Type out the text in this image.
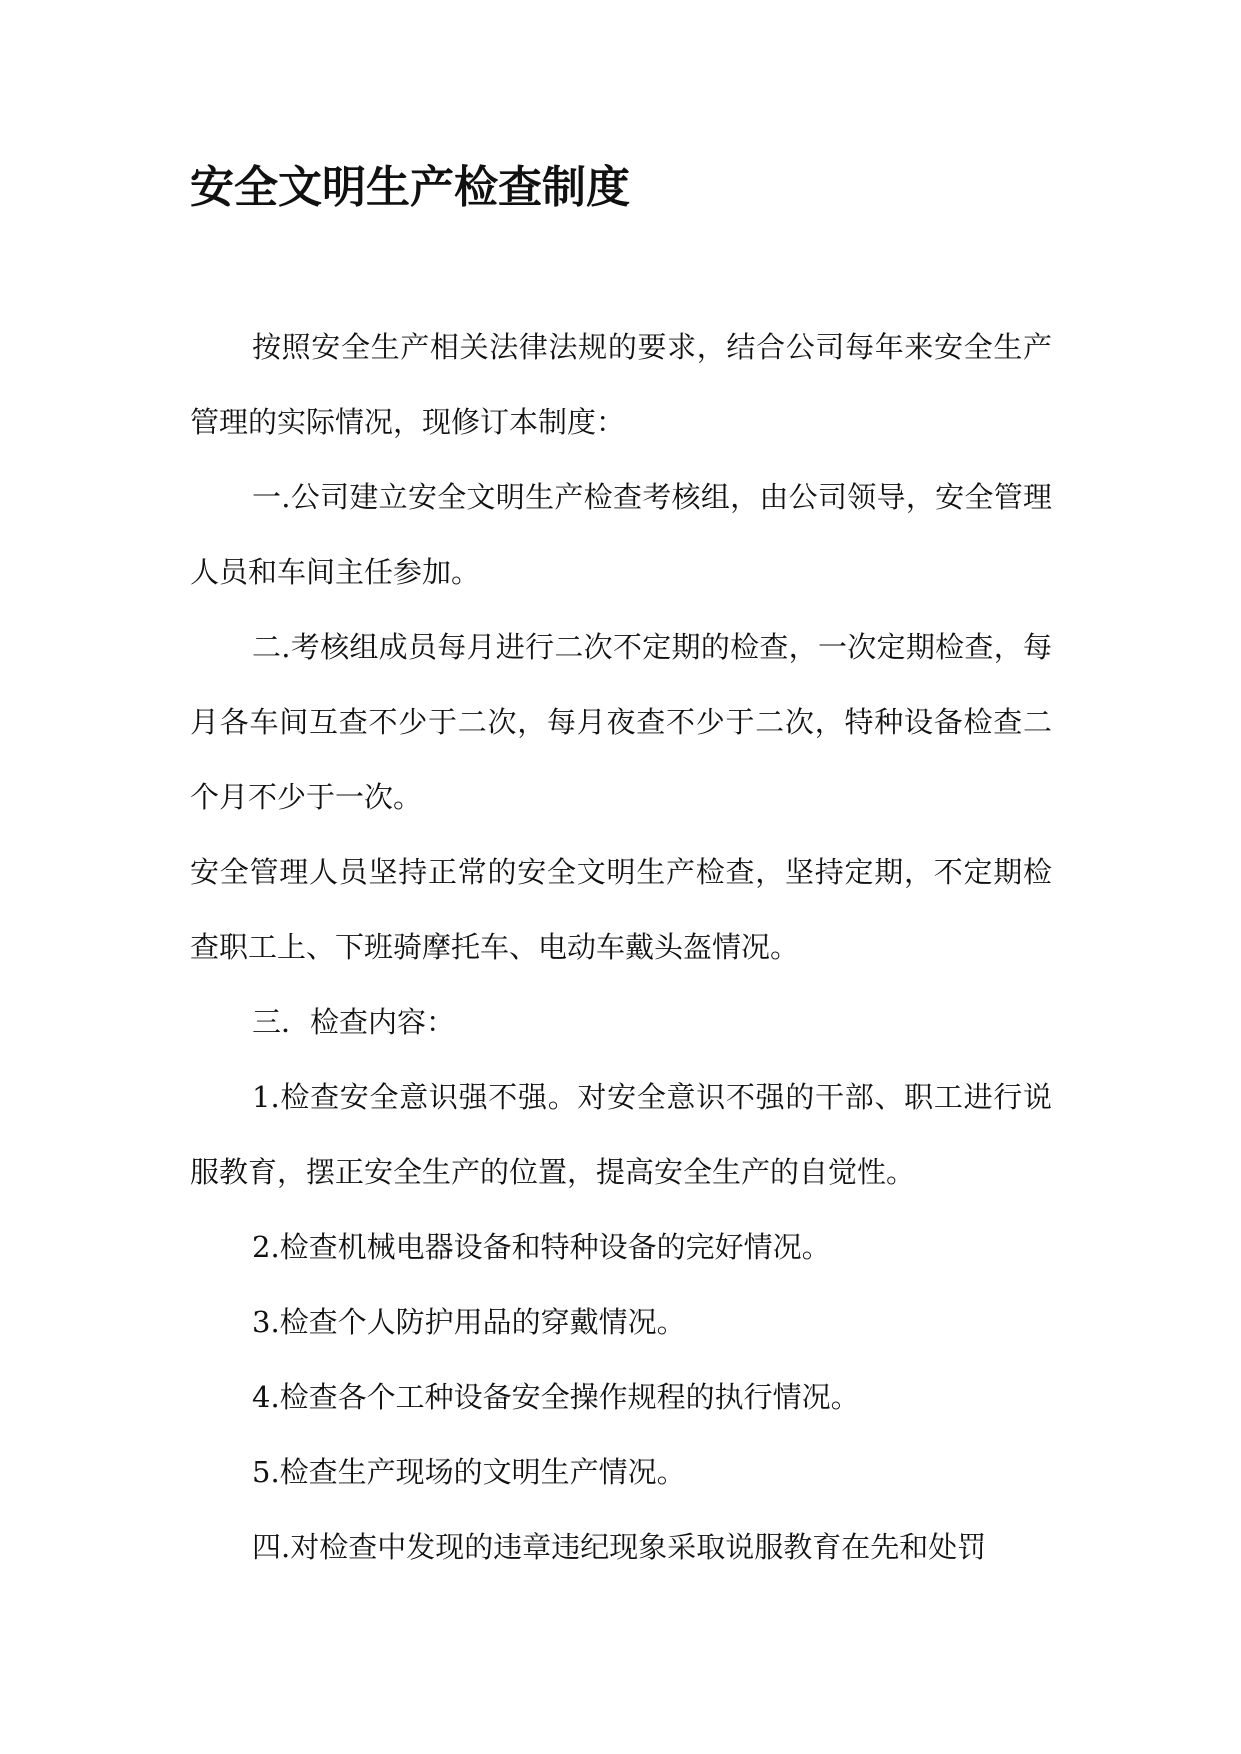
安全文明生产检查制度

按照安全生产相关法律法规的要求，结合公司每年来安全生产管理的实际情况，现修订本制度：

一.公司建立安全文明生产检查考核组，由公司领导，安全管理人员和车间主任参加。

二.考核组成员每月进行二次不定期的检查，一次定期检查，每月各车间互查不少于二次，每月夜查不少于二次，特种设备检查二个月不少于一次。

安全管理人员坚持正常的安全文明生产检查，坚持定期，不定期检查职工上、下班骑摩托车、电动车戴头盔情况。

三．检查内容：

1.检查安全意识强不强。对安全意识不强的干部、职工进行说服教育，摆正安全生产的位置，提高安全生产的自觉性。

2.检查机械电器设备和特种设备的完好情况。

3.检查个人防护用品的穿戴情况。

4.检查各个工种设备安全操作规程的执行情况。

5.检查生产现场的文明生产情况。

四.对检查中发现的违章违纪现象采取说服教育在先和处罚
